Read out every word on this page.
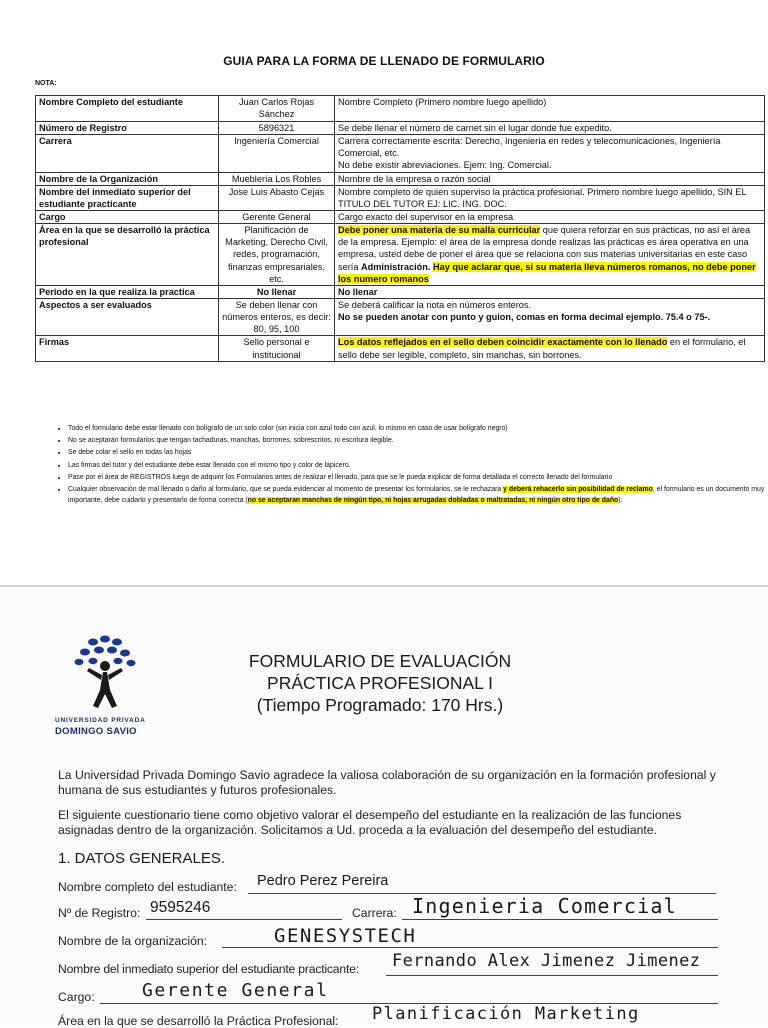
GUIA PARA LA FORMA DE LLENADO DE FORMULARIO
NOTA:
Nombre Completo del estudiante	Juan Carlos Rojas Sánchez	Nombre Completo (Primero nombre luego apellido)
Número de Registro	5896321	Se debe llenar el número de carnet sin el lugar donde fue expedito.
Carrera	Ingeniería Comercial	Carrera correctamente escrita: Derecho, Ingeniería en redes y telecomunicaciones, Ingeniería Comercial, etc.
No debe existir abreviaciones. Ejem: Ing. Comercial.

Nombre de la Organización	Mueblería Los Robles	Nombre de la empresa o razón social
Nombre del inmediato superior del estudiante practicante	Jose Luis Abasto Cejas	Nombre completo de quien superviso la práctica profesional. Primero nombre luego apellido, SIN EL TITULO DEL TUTOR EJ: LIC. ING. DOC.
Cargo	Gerente General	Cargo exacto del supervisor en la empresa
Área en la que se desarrolló la práctica profesional	Planificación de Marketing, Derecho Civil, redes, programación, finanzas empresariales, etc.	Debe poner una materia de su malla curricular que quiera reforzar en sus prácticas, no así el área de la empresa. Ejemplo: el área de la empresa donde realizas las prácticas es área operativa en una empresa, usted debe de poner el área que se relaciona con sus materias universitarias en este caso sería Administración. Hay que aclarar que, si su materia lleva números romanos, no debe poner los numero romanos
Periodo en la que realiza la practica	No llenar	No llenar
Aspectos a ser evaluados	Se deben llenar con números enteros, es decir: 80, 95, 100	Se deberá calificar la nota en números enteros.
No se pueden anotar con punto y guion, comas en forma decimal ejemplo. 75.4 o 75-.

Firmas	Sello personal e institucional	Los datos reflejados en el sello deben coincidir exactamente con lo llenado en el formulario, el sello debe ser legible, completo, sin manchas, sin borrones.
• Todo el formulario debe estar llenado con bolígrafo de un solo color (sin inicia con azul todo con azul, lo mismo en caso de usar bolígrafo negro)
• No se aceptarán formularios que tengan tachaduras, manchas, borrones, sobrescritos, ni escritura ilegible.
• Se debe colar el sello en todas las hojas
• Las firmas del tutor y del estudiante debe estar llenado con el mismo tipo y color de lapicero.
• Pase por el área de REGISTROS luego de adquirir los Formularios antes de realizar el llenado, para que se le pueda explicar de forma detallada el correcto llenado del formulario
• Cualquier observación de mal llenado o daño al formulario, que se pueda evidenciar al momento de presentar los formularios, se le rechazara y deberá rehacerlo sin posibilidad de reclamo, el formulario es un documento muy importante, debe cuidarlo y presentarlo de forma correcta (no se aceptaran manchas de ningún tipo, ni hojas arrugadas dobladas o maltratadas, ni ningún otro tipo de daño).
UNIVERSIDAD PRIVADA
DOMINGO SAVIO
FORMULARIO DE EVALUACIÓN
PRÁCTICA PROFESIONAL I
(Tiempo Programado: 170 Hrs.)
La Universidad Privada Domingo Savio agradece la valiosa colaboración de su organización en la formación profesional y humana de sus estudiantes y futuros profesionales.
El siguiente cuestionario tiene como objetivo valorar el desempeño del estudiante en la realización de las funciones asignadas dentro de la organización. Solicitamos a Ud. proceda a la evaluación del desempeño del estudiante.
1. DATOS GENERALES.
Nombre completo del estudiante: Pedro Perez Pereira
Nº de Registro: 9595246	Carrera: Ingenieria Comercial
Nombre de la organización:	GENESYSTECH
Nombre del inmediato superior del estudiante practicante: Fernando Alex Jimenez Jimenez
Cargo:	Gerente General
Área en la que se desarrolló la Práctica Profesional: Planificación Marketing
